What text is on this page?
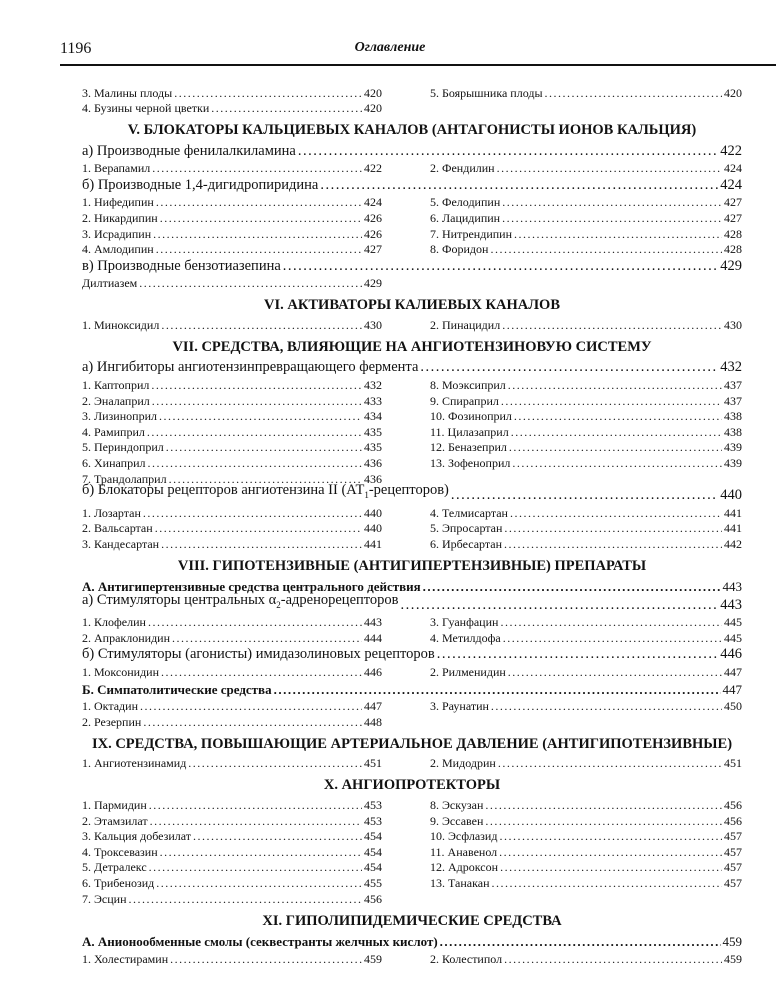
1196	Оглавление
3. Малины плоды .....	420	5. Боярышника плоды .....	420
4. Бузины черной цветки .....	420
V. БЛОКАТОРЫ КАЛЬЦИЕВЫХ КАНАЛОВ (АНТАГОНИСТЫ ИОНОВ КАЛЬЦИЯ)
а) Производные фенилалкиламина .....	422
1. Верапамил .....	422	2. Фендилин .....	424
б) Производные 1,4-дигидропиридина .....	424
1. Нифедипин .....	424	5. Фелодипин .....	427
2. Никардипин .....	426	6. Лацидипин .....	427
3. Исрадипин .....	426	7. Нитрендипин .....	428
4. Амлодипин .....	427	8. Форидон .....	428
в) Производные бензотиазепина .....	429
Дилтиазем .....	429
VI. АКТИВАТОРЫ КАЛИЕВЫХ КАНАЛОВ
1. Миноксидил .....	430	2. Пинацидил .....	430
VII. СРЕДСТВА, ВЛИЯЮЩИЕ НА АНГИОТЕНЗИНОВУЮ СИСТЕМУ
а) Ингибиторы ангиотензинпревращающего фермента .....	432
1. Каптоприл .....	432	8. Моэксиприл .....	437
2. Эналаприл .....	433	9. Спираприл .....	437
3. Лизиноприл .....	434	10. Фозиноприл .....	438
4. Рамиприл .....	435	11. Цилазаприл .....	438
5. Периндоприл .....	435	12. Беназеприл .....	439
6. Хинаприл .....	436	13. Зофеноприл .....	439
7. Трандолаприл .....	436
б) Блокаторы рецепторов ангиотензина II $(АТ_1-рецепторов)$ .....	440
1. Лозартан .....	440	4. Телмисартан .....	441
2. Вальсартан .....	440	5. Эпросартан .....	441
3. Кандесартан .....	441	6. Ирбесартан .....	442
VIII. ГИПОТЕНЗИВНЫЕ (АНТИГИПЕРТЕНЗИВНЫЕ) ПРЕПАРАТЫ
А. Антигипертензивные средства центрального действия .....	443
а) Стимуляторы центральных $\alpha_2$-адренорецепторов .....	443
1. Клофелин .....	443	3. Гуанфацин .....	445
2. Апраклонидин .....	444	4. Метилдофа .....	445
б) Стимуляторы (агонисты) имидазолиновых рецепторов .....	446
1. Моксонидин .....	446	2. Рилменидин .....	447
Б. Симпатолитические средства .....	447
1. Октадин .....	447	3. Раунатин .....	450
2. Резерпин .....	448
IX. СРЕДСТВА, ПОВЫШАЮЩИЕ АРТЕРИАЛЬНОЕ ДАВЛЕНИЕ (АНТИГИПОТЕНЗИВНЫЕ)
1. Ангиотензинамид .....	451	2. Мидодрин .....	451
X. АНГИОПРОТЕКТОРЫ
1. Пармидин .....	453	8. Эскузан .....	456
2. Этамзилат .....	453	9. Эссавен .....	456
3. Кальция добезилат .....	454	10. Эсфлазид .....	457
4. Троксевазин .....	454	11. Анавенол .....	457
5. Детралекс .....	454	12. Адроксон .....	457
6. Трибенозид .....	455	13. Танакан .....	457
7. Эсцин .....	456
XI. ГИПОЛИПИДЕМИЧЕСКИЕ СРЕДСТВА
А. Анионообменные смолы (секвестранты желчных кислот) .....	459
1. Холестирамин .....	459	2. Колестипол .....	459
